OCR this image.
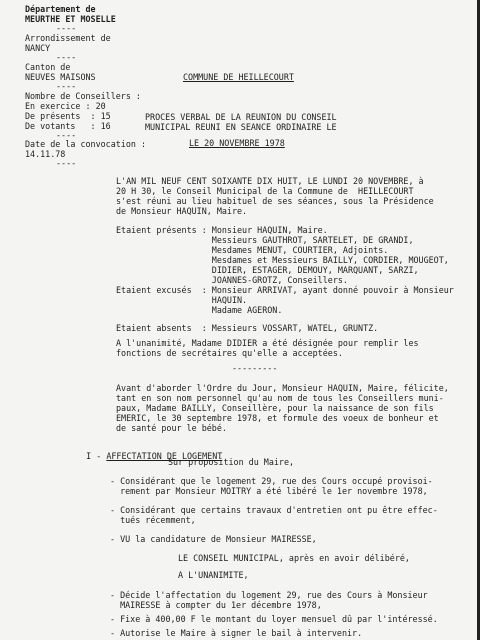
Département de
MEURTHE ET MOSELLE
----
Arrondissement de
NANCY
----
Canton de
NEUVES MAISONS
----
COMMUNE DE HEILLECOURT
Nombre de Conseillers :
En exercice : 20
De présents  : 15
De votants   : 16
----
PROCES VERBAL DE LA REUNION DU CONSEIL
MUNICIPAL REUNI EN SEANCE ORDINAIRE LE
Date de la convocation :	LE 20 NOVEMBRE 1978
14.11.78
----
L'AN MIL NEUF CENT SOIXANTE DIX HUIT, LE LUNDI 20 NOVEMBRE, à
20 H 30, le Conseil Municipal de la Commune de  HEILLECOURT
s'est réuni au lieu habituel de ses séances, sous la Présidence
de Monsieur HAQUIN, Maire.
Etaient présents : Monsieur HAQUIN, Maire.
Messieurs GAUTHROT, SARTELET, DE GRANDI,
Mesdames MENUT, COURTIER, Adjoints.
Mesdames et Messieurs BAILLY, CORDIER, MOUGEOT,
DIDIER, ESTAGER, DEMOUY, MARQUANT, SARZI,
JOANNES-GROTZ, Conseillers.
Etaient excusés  : Monsieur ARRIVAT, ayant donné pouvoir à Monsieur
HAQUIN.
Madame AGERON.
Etaient absents  : Messieurs VOSSART, WATEL, GRUNTZ.
A l'unanimité, Madame DIDIER a été désignée pour remplir les
fonctions de secrétaires qu'elle a acceptées.
---------
Avant d'aborder l'Ordre du Jour, Monsieur HAQUIN, Maire, félicite,
tant en son nom personnel qu'au nom de tous les Conseillers muni-
paux, Madame BAILLY, Conseillère, pour la naissance de son fils
EMERIC, le 30 septembre 1978, et formule des voeux de bonheur et
de santé pour le bébé.

I - AFFECTATION DE LOGEMENT

Sur proposition du Maire,
- Considérant que le logement 29, rue des Cours occupé provisoi-
rement par Monsieur MOITRY a été libéré le 1er novembre 1978,
- Considérant que certains travaux d'entretien ont pu être effec-
tués récemment,
- VU la candidature de Monsieur MAIRESSE,
LE CONSEIL MUNICIPAL, après en avoir délibéré,
A L'UNANIMITE,
- Décide l'affectation du logement 29, rue des Cours à Monsieur
MAIRESSE à compter du 1er décembre 1978,
- Fixe à 400,00 F le montant du loyer mensuel dû par l'intéressé.
- Autorise le Maire à signer le bail à intervenir.
